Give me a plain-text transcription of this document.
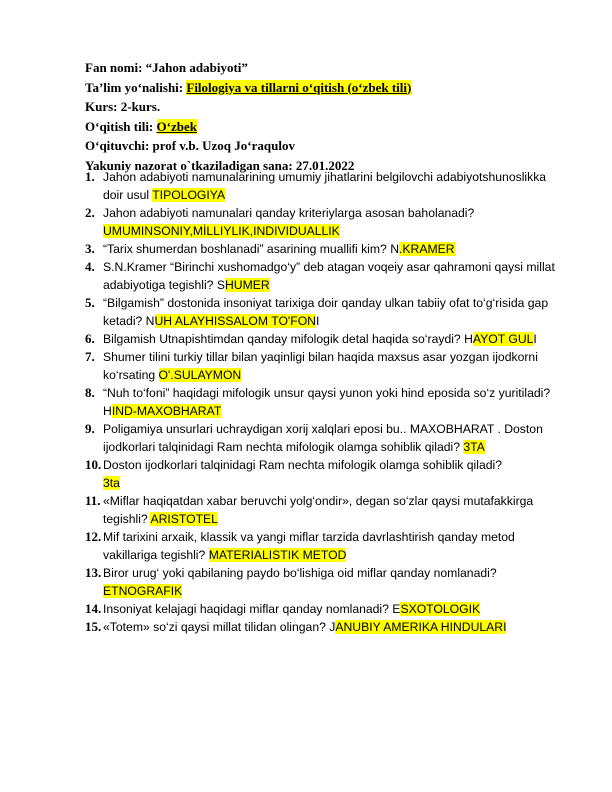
Fan nomi: “Jahon adabiyoti”
Ta’lim yo‘nalishi: Filologiya va tillarni o‘qitish (o‘zbek tili)
Kurs: 2-kurs.
O‘qitish tili: O‘zbek
O‘qituvchi: prof v.b. Uzoq Jo‘raqulov
Yakuniy nazorat o`tkaziladigan sana: 27.01.2022
1. Jahon adabiyoti namunalarining umumiy jihatlarini belgilovchi adabiyotshunoslikka doir usul TIPOLOGIYA
2. Jahon adabiyoti namunalari qanday kriteriylarga asosan baholanadi? UMUMINSONIY,MİLLIYLIK,INDIVIDUALLIK
3. “Tarix shumerdan boshlanadi” asarining muallifi kim? N.KRAMER
4. S.N.Kramer “Birinchi xushomadgo‘y” deb atagan voqeiy asar qahramoni qaysi millat adabiyotiga tegishli? SHUMER
5. “Bilgamish” dostonida insoniyat tarixiga doir qanday ulkan tabiiy ofat to‘g‘risida gap ketadi? NUH ALAYHISSALOM TO'FONI
6. Bilgamish Utnapishtimdan qanday mifologik detal haqida so‘raydi? HAYOT GULI
7. Shumer tilini turkiy tillar bilan yaqinligi bilan haqida maxsus asar yozgan ijodkorni ko‘rsating O'.SULAYMON
8. “Nuh to‘foni” haqidagi mifologik unsur qaysi yunon yoki hind eposida so‘z yuritiladi? HIND-MAXOBHARAT
9. Poligamiya unsurlari uchraydigan xorij xalqlari eposi bu.. MAXOBHARAT . Doston ijodkorlari talqinidagi Ram nechta mifologik olamga sohiblik qiladi? 3TA
10. Doston ijodkorlari talqinidagi Ram nechta mifologik olamga sohiblik qiladi?
3ta
11. «Miflar haqiqatdan xabar beruvchi yolg‘ondir», degan so‘zlar qaysi mutafakkirga tegishli? ARISTOTEL
12. Mif tarixini arxaik, klassik va yangi miflar tarzida davrlashtirish qanday metod vakillariga tegishli? MATERIALISTIK METOD
13. Biror urug‘ yoki qabilaning paydo bo‘lishiga oid miflar qanday nomlanadi? ETNOGRAFIK
14. Insoniyat kelajagi haqidagi miflar qanday nomlanadi? ESXOTOLOGIK
15. «Totem» so‘zi qaysi millat tilidan olingan? JANUBIY AMERIKA HINDULARI
